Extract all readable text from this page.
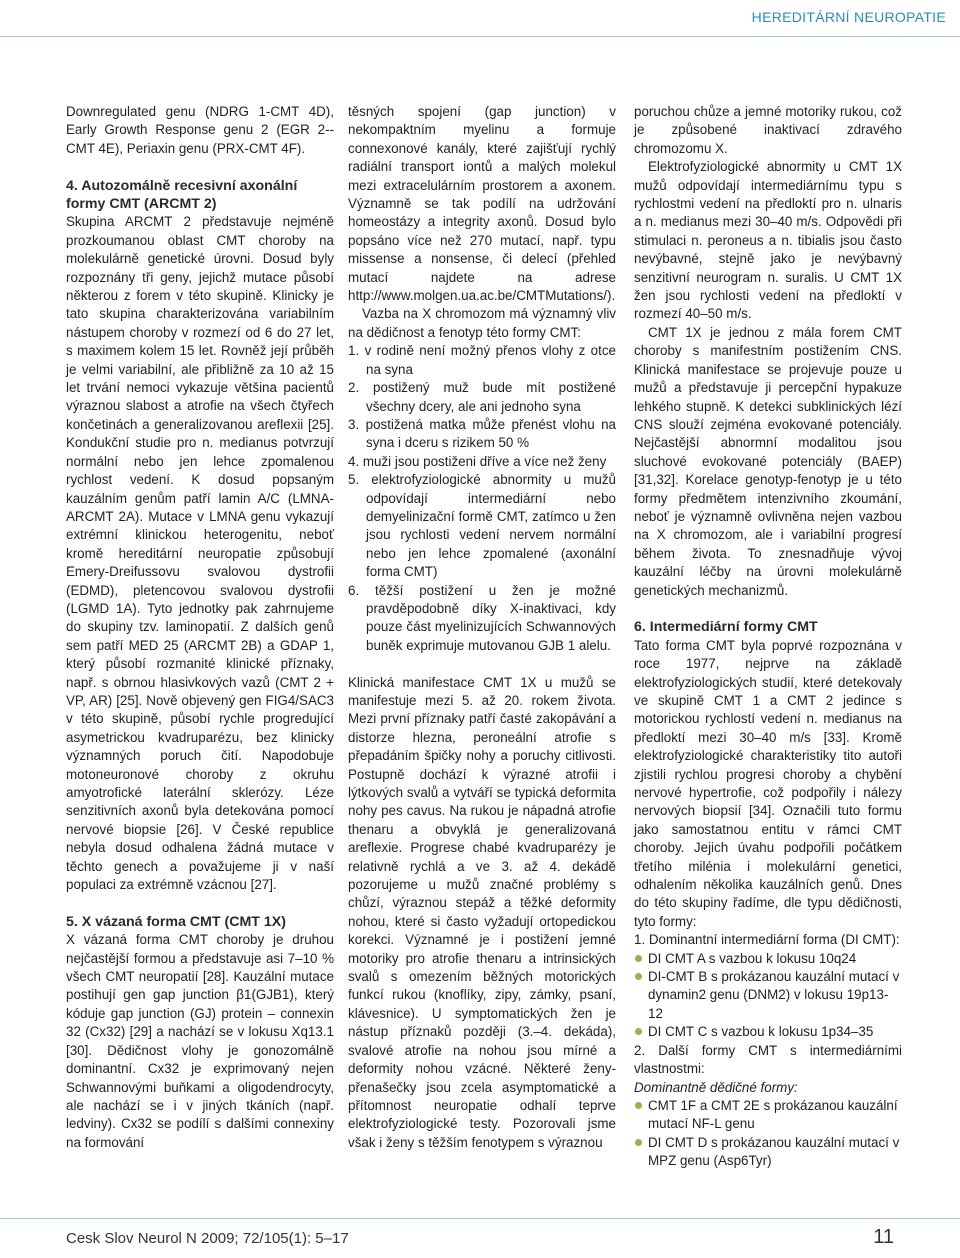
HEREDITÁRNÍ NEUROPATIE

Downregulated genu (NDRG 1-CMT 4D), Early Growth Response genu 2 (EGR 2--CMT 4E), Periaxin genu (PRX-CMT 4F).

4. Autozomálně recesivní axonální formy CMT (ARCMT 2)

Skupina ARCMT 2 představuje nejméně prozkoumanou oblast CMT choroby na molekulárně genetické úrovni. Dosud byly rozpoznány tři geny, jejichž mutace působí některou z forem v této skupině. Klinicky je tato skupina charakterizována variabilním nástupem choroby v rozmezí od 6 do 27 let, s maximem kolem 15 let. Rovněž její průběh je velmi variabilní, ale přibližně za 10 až 15 let trvání nemoci vykazuje většina pacientů výraznou slabost a atrofie na všech čtyřech končetinách a generalizovanou areflexii [25]. Kondukční studie pro n. medianus potvrzují normální nebo jen lehce zpomalenou rychlost vedení. K dosud popsaným kauzálním genům patří lamin A/C (LMNA-ARCMT 2A). Mutace v LMNA genu vykazují extrémní klinickou heterogenitu, neboť kromě hereditární neuropatie způsobují Emery-Dreifussovu svalovou dystrofii (EDMD), pletencovou svalovou dystrofii (LGMD 1A). Tyto jednotky pak zahrnujeme do skupiny tzv. laminopatií. Z dalších genů sem patří MED 25 (ARCMT 2B) a GDAP 1, který působí rozmanité klinické příznaky, např. s obrnou hlasivkových vazů (CMT 2 + VP, AR) [25]. Nově objevený gen FIG4/SAC3 v této skupině, působí rychle progredující asymetrickou kvadruparézu, bez klinicky významných poruch čití. Napodobuje motoneuronové choroby z okruhu amyotrofické laterální sklerózy. Léze senzitivních axonů byla detekována pomocí nervové biopsie [26]. V České republice nebyla dosud odhalena žádná mutace v těchto genech a považujeme ji v naší populaci za extrémně vzácnou [27].

5. X vázaná forma CMT (CMT 1X)

X vázaná forma CMT choroby je druhou nejčastější formou a představuje asi 7–10 % všech CMT neuropatií [28]. Kauzální mutace postihují gen gap junction β1(GJB1), který kóduje gap junction (GJ) protein – connexin 32 (Cx32) [29] a nachází se v lokusu Xq13.1 [30]. Dědičnost vlohy je gonozomálně dominantní. Cx32 je exprimovaný nejen Schwannovými buňkami a oligodendrocyty, ale nachází se i v jiných tkáních (např. ledviny). Cx32 se podílí s dalšími connexiny na formování

těsných spojení (gap junction) v nekompaktním myelinu a formuje connexonové kanály, které zajišťují rychlý radiální transport iontů a malých molekul mezi extracelulárním prostorem a axonem. Významně se tak podílí na udržování homeostázy a integrity axonů. Dosud bylo popsáno více než 270 mutací, např. typu missense a nonsense, či delecí (přehled mutací najdete na adrese http://www.molgen.ua.ac.be/CMTMutations/).

Vazba na X chromozom má významný vliv na dědičnost a fenotyp této formy CMT:

1. v rodině není možný přenos vlohy z otce na syna
2. postižený muž bude mít postižené všechny dcery, ale ani jednoho syna
3. postižená matka může přenést vlohu na syna i dceru s rizikem 50 %
4. muži jsou postiženi dříve a více než ženy
5. elektrofyziologické abnormity u mužů odpovídají intermediární nebo demyelinizační formě CMT, zatímco u žen jsou rychlosti vedení nervem normální nebo jen lehce zpomalené (axonální forma CMT)
6. těžší postižení u žen je možné pravděpodobně díky X-inaktivaci, kdy pouze část myelinizujících Schwannových buněk exprimuje mutovanou GJB 1 alelu.

Klinická manifestace CMT 1X u mužů se manifestuje mezi 5. až 20. rokem života. Mezi první příznaky patří časté zakopávání a distorze hlezna, peroneální atrofie s přepadáním špičky nohy a poruchy citlivosti. Postupně dochází k výrazné atrofii i lýtkových svalů a vytváří se typická deformita nohy pes cavus. Na rukou je nápadná atrofie thenaru a obvyklá je generalizovaná areflexie. Progrese chabé kvadruparézy je relativně rychlá a ve 3. až 4. dekádě pozorujeme u mužů značné problémy s chůzí, výraznou stepáž a těžké deformity nohou, které si často vyžadují ortopedickou korekci. Významné je i postižení jemné motoriky pro atrofie thenaru a intrinsických svalů s omezením běžných motorických funkcí rukou (knoflíky, zipy, zámky, psaní, klávesnice). U symptomatických žen je nástup příznaků později (3.–4. dekáda), svalové atrofie na nohou jsou mírné a deformity nohou vzácné. Některé ženy-přenašečky jsou zcela asymptomatické a přítomnost neuropatie odhalí teprve elektrofyziologické testy. Pozorovali jsme však i ženy s těžším fenotypem s výraznou

poruchou chůze a jemné motoriky rukou, což je způsobené inaktivací zdravého chromozomu X.

Elektrofyziologické abnormity u CMT 1X mužů odpovídají intermediárnímu typu s rychlostmi vedení na předloktí pro n. ulnaris a n. medianus mezi 30–40 m/s. Odpovědi při stimulaci n. peroneus a n. tibialis jsou často nevýbavné, stejně jako je nevýbavný senzitivní neurogram n. suralis. U CMT 1X žen jsou rychlosti vedení na předloktí v rozmezí 40–50 m/s.

CMT 1X je jednou z mála forem CMT choroby s manifestním postižením CNS. Klinická manifestace se projevuje pouze u mužů a představuje ji percepční hypakuze lehkého stupně. K detekci subklinických lézí CNS slouží zejména evokované potenciály. Nejčastější abnormní modalitou jsou sluchové evokované potenciály (BAEP) [31,32]. Korelace genotyp-fenotyp je u této formy předmětem intenzivního zkoumání, neboť je významně ovlivněna nejen vazbou na X chromozom, ale i variabilní progresí během života. To znesnadňuje vývoj kauzální léčby na úrovni molekulárně genetických mechanizmů.

6. Intermediární formy CMT

Tato forma CMT byla poprvé rozpoznána v roce 1977, nejprve na základě elektrofyziologických studií, které detekovaly ve skupině CMT 1 a CMT 2 jedince s motorickou rychlostí vedení n. medianus na předloktí mezi 30–40 m/s [33]. Kromě elektrofyziologické charakteristiky tito autoři zjistili rychlou progresi choroby a chybění nervové hypertrofie, což podpořily i nálezy nervových biopsií [34]. Označili tuto formu jako samostatnou entitu v rámci CMT choroby. Jejich úvahu podpořili počátkem třetího milénia i molekulární genetici, odhalením několika kauzálních genů. Dnes do této skupiny řadíme, dle typu dědičnosti, tyto formy:

1. Dominantní intermediární forma (DI CMT):

DI CMT A s vazbou k lokusu 10q24
DI-CMT B s prokázanou kauzální mutací v dynamin2 genu (DNM2) v lokusu 19p13-12
DI CMT C s vazbou k lokusu 1p34–35

2. Další formy CMT s intermediárními vlastnostmi:

Dominantně dědičné formy:

CMT 1F a CMT 2E s prokázanou kauzální mutací NF-L genu
DI CMT D s prokázanou kauzální mutací v MPZ genu (Asp6Tyr)
Cesk Slov Neurol N 2009; 72/105(1): 5–17	11
